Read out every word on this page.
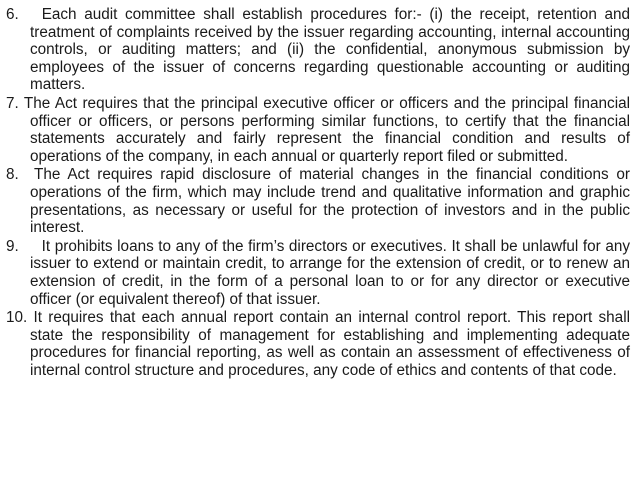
6.   Each audit committee shall establish procedures for:- (i) the receipt, retention and treatment of complaints received by the issuer regarding accounting, internal accounting controls, or auditing matters; and (ii) the confidential, anonymous submission by employees of the issuer of concerns regarding questionable accounting or auditing matters.

7. The Act requires that the principal executive officer or officers and the principal financial officer or officers, or persons performing similar functions, to certify that the financial statements accurately and fairly represent the financial condition and results of operations of the company, in each annual or quarterly report filed or submitted.

8.  The Act requires rapid disclosure of material changes in the financial conditions or operations of the firm, which may include trend and qualitative information and graphic presentations, as necessary or useful for the protection of investors and in the public interest.

9.     It prohibits loans to any of the firm’s directors or executives. It shall be unlawful for any issuer to extend or maintain credit, to arrange for the extension of credit, or to renew an extension of credit, in the form of a personal loan to or for any director or executive officer (or equivalent thereof) of that issuer.

10. It requires that each annual report contain an internal control report. This report shall state the responsibility of management for establishing and implementing adequate procedures for financial reporting, as well as contain an assessment of effectiveness of internal control structure and procedures, any code of ethics and contents of that code.
